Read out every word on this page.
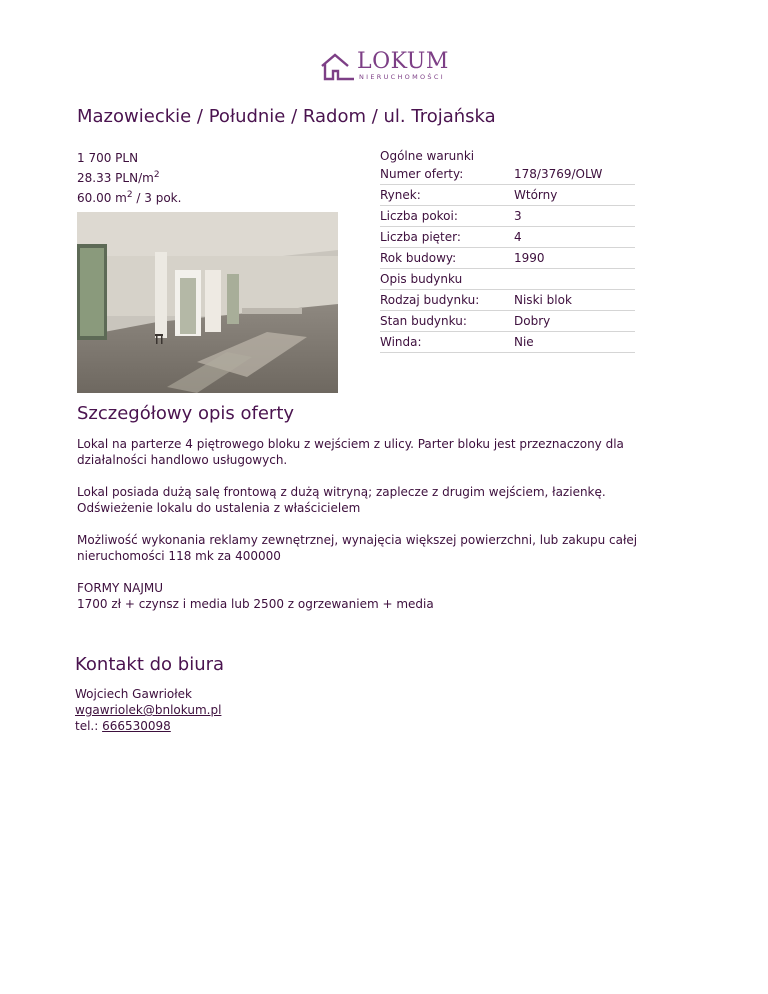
LOKUM
NIERUCHOMOŚCI
Mazowieckie / Południe / Radom / ul. Trojańska
1 700 PLN
28.33 PLN/$m^2$
60.00 $m^2 / 3$ pok.
Ogólne warunki
Numer oferty:	178/3769/OLW
Rynek:	Wtórny
Liczba pokoi:	3
Liczba pięter:	4
Rok budowy:	1990
Opis budynku
Rodzaj budynku:	Niski blok
Stan budynku:	Dobry
Winda:	Nie
Szczegółowy opis oferty

Lokal na parterze 4 piętrowego bloku z wejściem z ulicy. Parter bloku jest przeznaczony dla działalności handlowo usługowych.

Lokal posiada dużą salę frontową z dużą witryną; zaplecze z drugim wejściem, łazienkę. Odświeżenie lokalu do ustalenia z właścicielem

Możliwość wykonania reklamy zewnętrznej, wynajęcia większej powierzchni, lub zakupu całej nieruchomości 118 mk za 400000

FORMY NAJMU
1700 zł + czynsz i media lub 2500 z ogrzewaniem + media

Kontakt do biura
Wojciech Gawriołek
wgawriolek@bnlokum.pl
tel.: 666530098
